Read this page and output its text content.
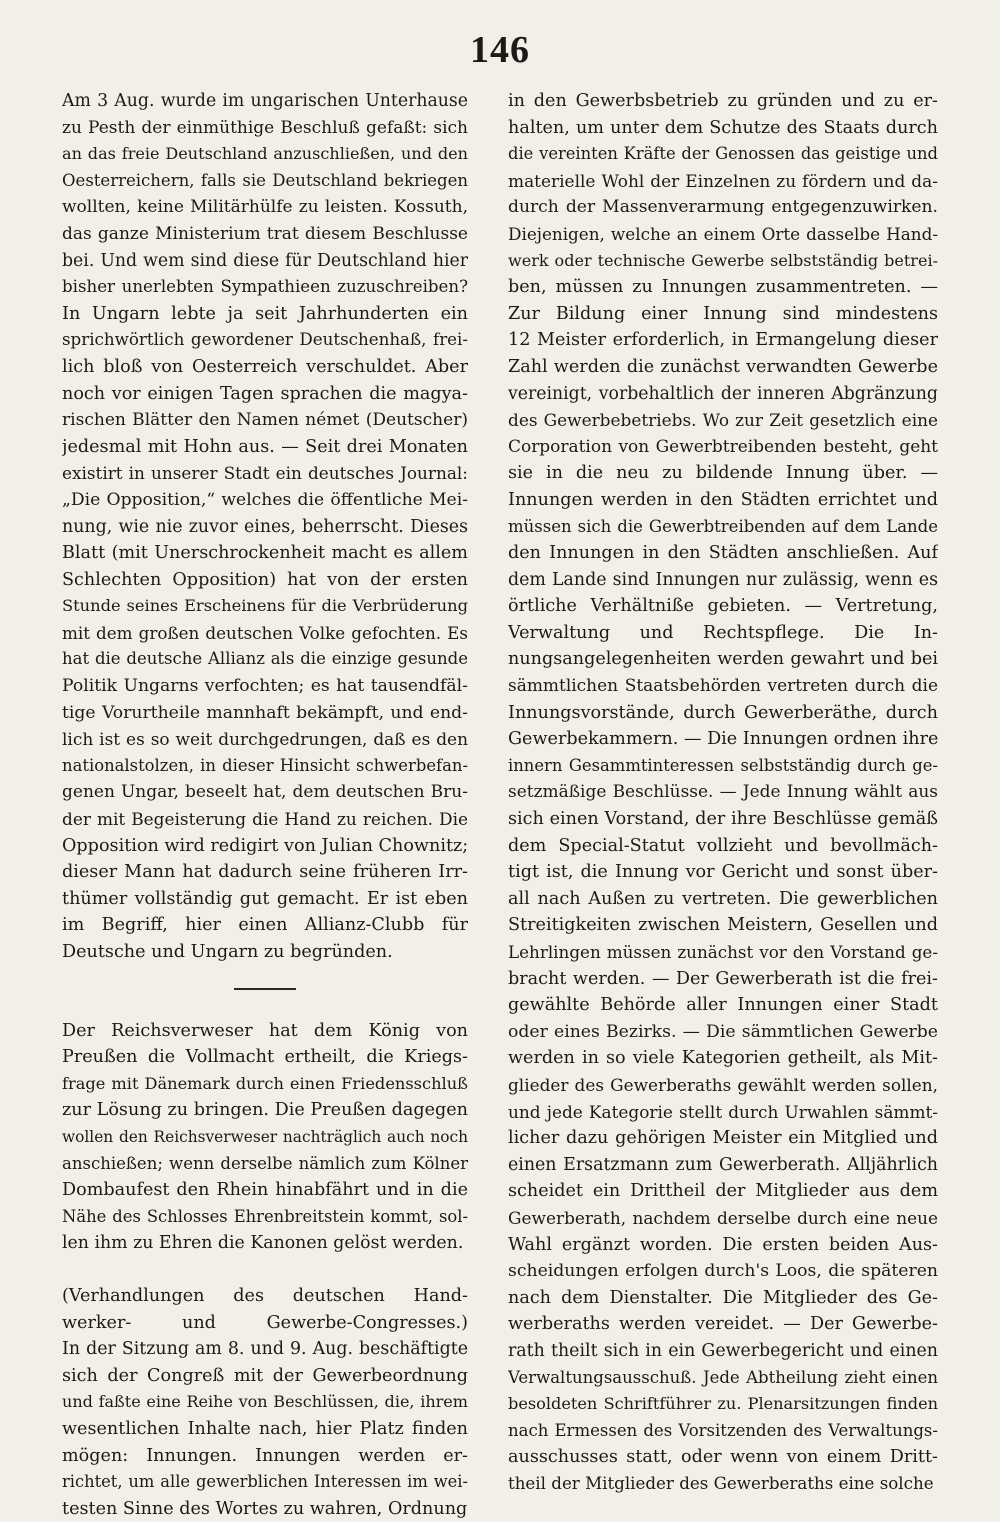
146
Am 3 Aug. wurde im ungarischen Unterhause
zu Pesth der einmüthige Beschluß gefaßt: sich
an das freie Deutschland anzuschließen, und den
Oesterreichern, falls sie Deutschland bekriegen
wollten, keine Militärhülfe zu leisten. Kossuth,
das ganze Ministerium trat diesem Beschlusse
bei. Und wem sind diese für Deutschland hier
bisher unerlebten Sympathieen zuzuschreiben?
In Ungarn lebte ja seit Jahrhunderten ein
sprichwörtlich gewordener Deutschenhaß, frei-
lich bloß von Oesterreich verschuldet. Aber
noch vor einigen Tagen sprachen die magya-
rischen Blätter den Namen német (Deutscher)
jedesmal mit Hohn aus. — Seit drei Monaten
existirt in unserer Stadt ein deutsches Journal:
„Die Opposition,“ welches die öffentliche Mei-
nung, wie nie zuvor eines, beherrscht. Dieses
Blatt (mit Unerschrockenheit macht es allem
Schlechten Opposition) hat von der ersten
Stunde seines Erscheinens für die Verbrüderung
mit dem großen deutschen Volke gefochten. Es
hat die deutsche Allianz als die einzige gesunde
Politik Ungarns verfochten; es hat tausendfäl-
tige Vorurtheile mannhaft bekämpft, und end-
lich ist es so weit durchgedrungen, daß es den
nationalstolzen, in dieser Hinsicht schwerbefan-
genen Ungar, beseelt hat, dem deutschen Bru-
der mit Begeisterung die Hand zu reichen. Die
Opposition wird redigirt von Julian Chownitz;
dieser Mann hat dadurch seine früheren Irr-
thümer vollständig gut gemacht. Er ist eben
im Begriff, hier einen Allianz-Clubb für
Deutsche und Ungarn zu begründen.
Der Reichsverweser hat dem König von
Preußen die Vollmacht ertheilt, die Kriegs-
frage mit Dänemark durch einen Friedensschluß
zur Lösung zu bringen. Die Preußen dagegen
wollen den Reichsverweser nachträglich auch noch
anschießen; wenn derselbe nämlich zum Kölner
Dombaufest den Rhein hinabfährt und in die
Nähe des Schlosses Ehrenbreitstein kommt, sol-
len ihm zu Ehren die Kanonen gelöst werden.
(Verhandlungen des deutschen Hand-
werker- und Gewerbe-Congresses.)
In der Sitzung am 8. und 9. Aug. beschäftigte
sich der Congreß mit der Gewerbeordnung
und faßte eine Reihe von Beschlüssen, die, ihrem
wesentlichen Inhalte nach, hier Platz finden
mögen: Innungen. Innungen werden er-
richtet, um alle gewerblichen Interessen im wei-
testen Sinne des Wortes zu wahren, Ordnung
in den Gewerbsbetrieb zu gründen und zu er-
halten, um unter dem Schutze des Staats durch
die vereinten Kräfte der Genossen das geistige und
materielle Wohl der Einzelnen zu fördern und da-
durch der Massenverarmung entgegenzuwirken.
Diejenigen, welche an einem Orte dasselbe Hand-
werk oder technische Gewerbe selbstständig betrei-
ben, müssen zu Innungen zusammentreten. —
Zur Bildung einer Innung sind mindestens
12 Meister erforderlich, in Ermangelung dieser
Zahl werden die zunächst verwandten Gewerbe
vereinigt, vorbehaltlich der inneren Abgränzung
des Gewerbebetriebs. Wo zur Zeit gesetzlich eine
Corporation von Gewerbtreibenden besteht, geht
sie in die neu zu bildende Innung über. —
Innungen werden in den Städten errichtet und
müssen sich die Gewerbtreibenden auf dem Lande
den Innungen in den Städten anschließen. Auf
dem Lande sind Innungen nur zulässig, wenn es
örtliche Verhältniße gebieten. — Vertretung,
Verwaltung und Rechtspflege. Die In-
nungsangelegenheiten werden gewahrt und bei
sämmtlichen Staatsbehörden vertreten durch die
Innungsvorstände, durch Gewerberäthe, durch
Gewerbekammern. — Die Innungen ordnen ihre
innern Gesammtinteressen selbstständig durch ge-
setzmäßige Beschlüsse. — Jede Innung wählt aus
sich einen Vorstand, der ihre Beschlüsse gemäß
dem Special-Statut vollzieht und bevollmäch-
tigt ist, die Innung vor Gericht und sonst über-
all nach Außen zu vertreten. Die gewerblichen
Streitigkeiten zwischen Meistern, Gesellen und
Lehrlingen müssen zunächst vor den Vorstand ge-
bracht werden. — Der Gewerberath ist die frei-
gewählte Behörde aller Innungen einer Stadt
oder eines Bezirks. — Die sämmtlichen Gewerbe
werden in so viele Kategorien getheilt, als Mit-
glieder des Gewerberaths gewählt werden sollen,
und jede Kategorie stellt durch Urwahlen sämmt-
licher dazu gehörigen Meister ein Mitglied und
einen Ersatzmann zum Gewerberath. Alljährlich
scheidet ein Drittheil der Mitglieder aus dem
Gewerberath, nachdem derselbe durch eine neue
Wahl ergänzt worden. Die ersten beiden Aus-
scheidungen erfolgen durch's Loos, die späteren
nach dem Dienstalter. Die Mitglieder des Ge-
werberaths werden vereidet. — Der Gewerbe-
rath theilt sich in ein Gewerbegericht und einen
Verwaltungsausschuß. Jede Abtheilung zieht einen
besoldeten Schriftführer zu. Plenarsitzungen finden
nach Ermessen des Vorsitzenden des Verwaltungs-
ausschusses statt, oder wenn von einem Dritt-
theil der Mitglieder des Gewerberaths eine solche
